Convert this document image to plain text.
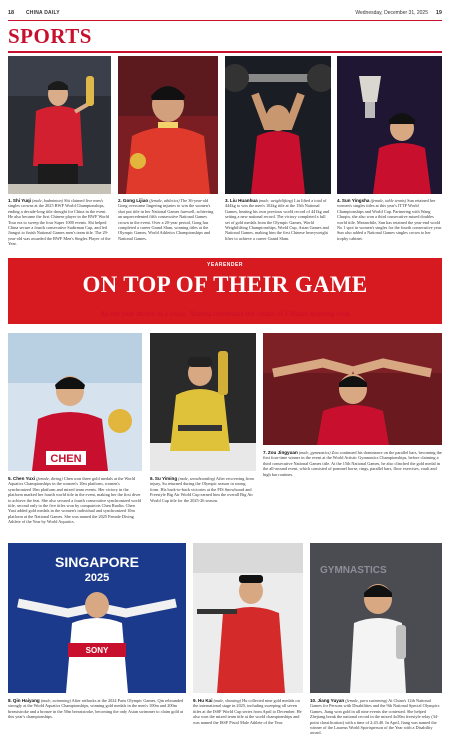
18 CHINA DAILY	Wednesday, December 31, 2025 19
SPORTS
1. Shi Yuqi (male, badminton) Shi claimed five men's singles crowns at the 2025 BWF World Championships, ending a decade-long title drought for China in the event. He also became the first Chinese player in the BWF World Tour era to sweep the four Super 1000 events. Shi helped China secure a fourth consecutive Sudirman Cup, and led Jiangxi to finish National Games men's team title. The 29-year-old was awarded the BWF Men's Singles Player of the Year.
2. Gong Lijiao (female, athletics) The 36-year-old Gong overcame lingering injuries to win the women's shot put title in her National Games farewell, achieving an unprecedented fifth consecutive National Games crown in the event. Over a 20-year period, Gong has completed a career Grand Slam, winning titles at the Olympic Games, World Athletics Championships and National Games.
3. Liu Huanhua (male, weightlifting) Liu lifted a total of 444kg to win the men's 102kg title at the 15th National Games, beating his own previous world record of 441kg and setting a new national record. The victory completed a full set of gold medals from the Olympic Games, World Weightlifting Championships, World Cup, Asian Games and National Games, making him the first Chinese heavyweight lifter to achieve a career Grand Slam.
4. Sun Yingsha (female, table tennis) Sun retained her women's singles titles at this year's ITTF World Championships and World Cup. Partnering with Wang Chuqin, she also won a third consecutive mixed doubles world title. Meanwhile, Sun has retained the year-end world No 1 spot in women's singles for the fourth consecutive year. Sun also added a National Games singles crown to her trophy cabinet.
YEARENDER
ON TOP OF THEIR GAME
As the year draws to a close, Xinhua celebrates the cream of China's sporting crop
CHEN
5. Chen Yuxi (female, diving) Chen won three gold medals at the World Aquatics Championships in the women's 10m platform, women's synchronized 10m platform and mixed team events. Her victory in the platform marked her fourth world title in the event, making her the first diver to achieve the feat. She also secured a fourth consecutive synchronized world title, second only to the five titles won by compatriots Chen Ruolin. Chen Yuxi added gold medals in the women's individual and synchronized 10m platform at the National Games. She was named the 2025 Female Diving Athlete of the Year by World Aquatics.
6. Su Yiming (male, snowboarding) After recovering from injury, Su returned during the Olympic season in strong form. His back-to-back victories at the FIS Snowboard and Freestyle Big Air World Cup earned him the overall Big Air World Cup title for the 2025-26 season.
7. Zou Jingyuan (male, gymnastics) Zou continued his dominance on the parallel bars, becoming the first four-time winner in the event at the World Artistic Gymnastics Championships, before claiming a third consecutive National Games title. At the 15th National Games, he also clinched the gold medal in the all-around event, which consisted of pommel horse, rings, parallel bars, floor exercises, vault and high bar routines.
SINGAPORE
2025
SONY
GYMNASTICS
8. Qin Haiyang (male, swimming) After setbacks at the 2024 Paris Olympic Games, Qin rebounded strongly at the World Aquatics Championships, winning gold medals in the men's 100m and 200m breaststroke and a bronze in the 50m breaststroke, becoming the only Asian swimmer to claim gold at this year's championships.
9. Hu Kai (male, shooting) Hu collected nine gold medals on the international stage in 2025, including sweeping all seven titles at the ISSF World Cup series from April to December. He also won the mixed team title at the world championships and was named the ISSF Pistol Male Athlete of the Year.
10. Jiang Yuyan (female, para swimming) At China's 12th National Games for Persons with Disabilities and the 9th National Special Olympics Games, Jiang won gold in all nine events she contested. She helped Zhejiang break the national record in the mixed 4x50m freestyle relay (34-point classification) with a time of 2:43.40. In April, Jiang was named the winner of the Laureus World Sportsperson of the Year with a Disability award.
